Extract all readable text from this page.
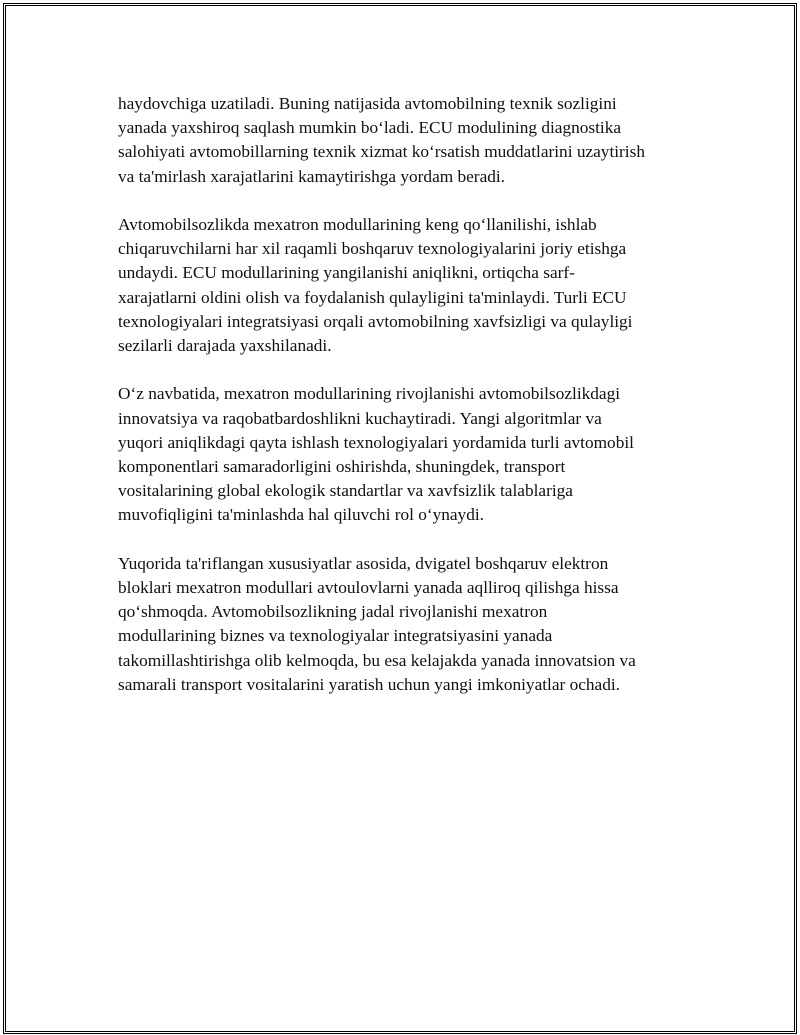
haydovchiga uzatiladi. Buning natijasida avtomobilning texnik sozligini
yanada yaxshiroq saqlash mumkin bo‘ladi. ECU modulining diagnostika
salohiyati avtomobillarning texnik xizmat ko‘rsatish muddatlarini uzaytirish
va ta'mirlash xarajatlarini kamaytirishga yordam beradi.

Avtomobilsozlikda mexatron modullarining keng qo‘llanilishi, ishlab
chiqaruvchilarni har xil raqamli boshqaruv texnologiyalarini joriy etishga
undaydi. ECU modullarining yangilanishi aniqlikni, ortiqcha sarf-
xarajatlarni oldini olish va foydalanish qulayligini ta'minlaydi. Turli ECU
texnologiyalari integratsiyasi orqali avtomobilning xavfsizligi va qulayligi
sezilarli darajada yaxshilanadi.

O‘z navbatida, mexatron modullarining rivojlanishi avtomobilsozlikdagi
innovatsiya va raqobatbardoshlikni kuchaytiradi. Yangi algoritmlar va
yuqori aniqlikdagi qayta ishlash texnologiyalari yordamida turli avtomobil
komponentlari samaradorligini oshirishda, shuningdek, transport
vositalarining global ekologik standartlar va xavfsizlik talablariga
muvofiqligini ta'minlashda hal qiluvchi rol o‘ynaydi.

Yuqorida ta'riflangan xususiyatlar asosida, dvigatel boshqaruv elektron
bloklari mexatron modullari avtoulovlarni yanada aqlliroq qilishga hissa
qo‘shmoqda. Avtomobilsozlikning jadal rivojlanishi mexatron
modullarining biznes va texnologiyalar integratsiyasini yanada
takomillashtirishga olib kelmoqda, bu esa kelajakda yanada innovatsion va
samarali transport vositalarini yaratish uchun yangi imkoniyatlar ochadi.
